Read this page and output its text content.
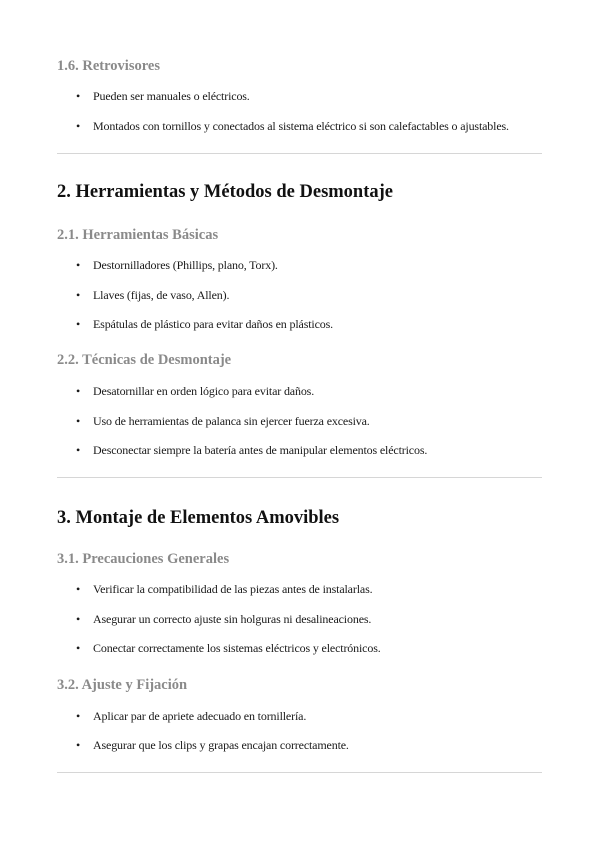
1.6. Retrovisores
• Pueden ser manuales o eléctricos.
• Montados con tornillos y conectados al sistema eléctrico si son calefactables o ajustables.
2. Herramientas y Métodos de Desmontaje
2.1. Herramientas Básicas
• Destornilladores (Phillips, plano, Torx).
• Llaves (fijas, de vaso, Allen).
• Espátulas de plástico para evitar daños en plásticos.
2.2. Técnicas de Desmontaje
• Desatornillar en orden lógico para evitar daños.
• Uso de herramientas de palanca sin ejercer fuerza excesiva.
• Desconectar siempre la batería antes de manipular elementos eléctricos.
3. Montaje de Elementos Amovibles
3.1. Precauciones Generales
• Verificar la compatibilidad de las piezas antes de instalarlas.
• Asegurar un correcto ajuste sin holguras ni desalineaciones.
• Conectar correctamente los sistemas eléctricos y electrónicos.
3.2. Ajuste y Fijación
• Aplicar par de apriete adecuado en tornillería.
• Asegurar que los clips y grapas encajan correctamente.
